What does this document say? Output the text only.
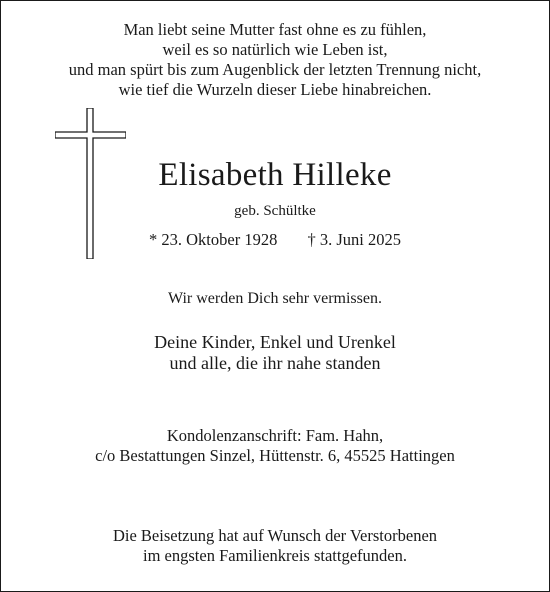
Man liebt seine Mutter fast ohne es zu fühlen,
weil es so natürlich wie Leben ist,
und man spürt bis zum Augenblick der letzten Trennung nicht,
wie tief die Wurzeln dieser Liebe hinabreichen.
Elisabeth Hilleke
geb. Schültke
* 23. Oktober 1928 † 3. Juni 2025
Wir werden Dich sehr vermissen.
Deine Kinder, Enkel und Urenkel
und alle, die ihr nahe standen
Kondolenzanschrift: Fam. Hahn,
c/o Bestattungen Sinzel, Hüttenstr. 6, 45525 Hattingen
Die Beisetzung hat auf Wunsch der Verstorbenen
im engsten Familienkreis stattgefunden.
